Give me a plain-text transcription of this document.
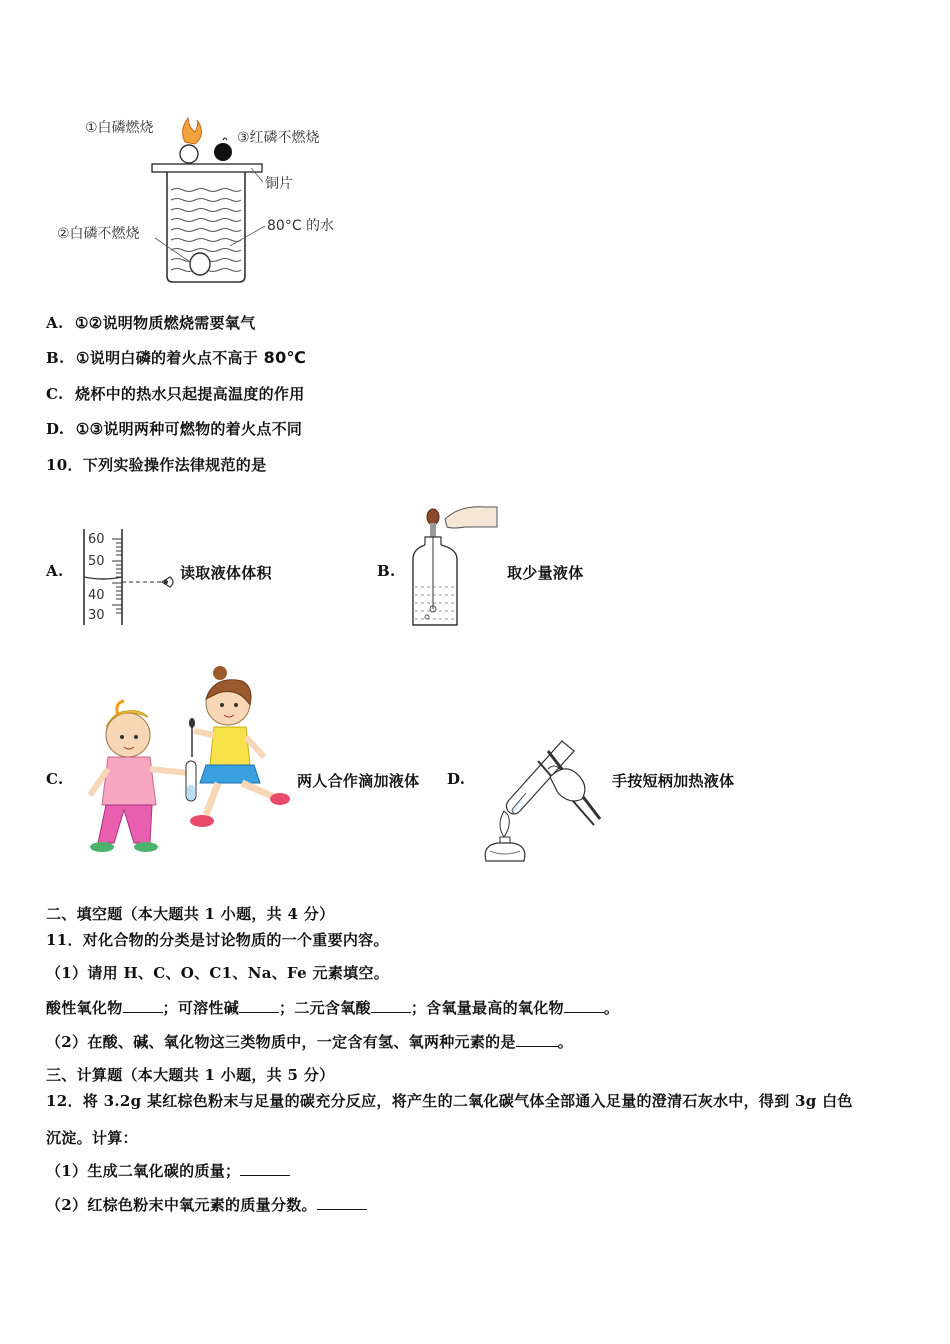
①白磷燃烧
③红磷不燃烧
铜片
②白磷不燃烧	80°C 的水
A. ①②说明物质燃烧需要氧气
B. ①说明白磷的着火点不高于 80℃
C. 烧杯中的热水只起提高温度的作用
D. ①③说明两种可燃物的着火点不同
10．下列实验操作法律规范的是
A.
60
50
40
30
读取液体体积	B.	取少量液体
C.	两人合作滴加液体 D.	手按短柄加热液体
二、填空题（本大题共 1 小题，共 4 分）
11．对化合物的分类是讨论物质的一个重要内容。
（1）请用 H、C、O、C1、Na、Fe 元素填空。
酸性氧化物	；可溶性碱	；二元含氧酸	；含氧量最高的氧化物	。
（2）在酸、碱、氧化物这三类物质中，一定含有氢、氧两种元素的是	。
三、计算题（本大题共 1 小题，共 5 分）
12．将 3.2g 某红棕色粉末与足量的碳充分反应，将产生的二氧化碳气体全部通入足量的澄清石灰水中，得到 3g 白色
沉淀。计算：
（1）生成二氧化碳的质量；
（2）红棕色粉末中氧元素的质量分数。
